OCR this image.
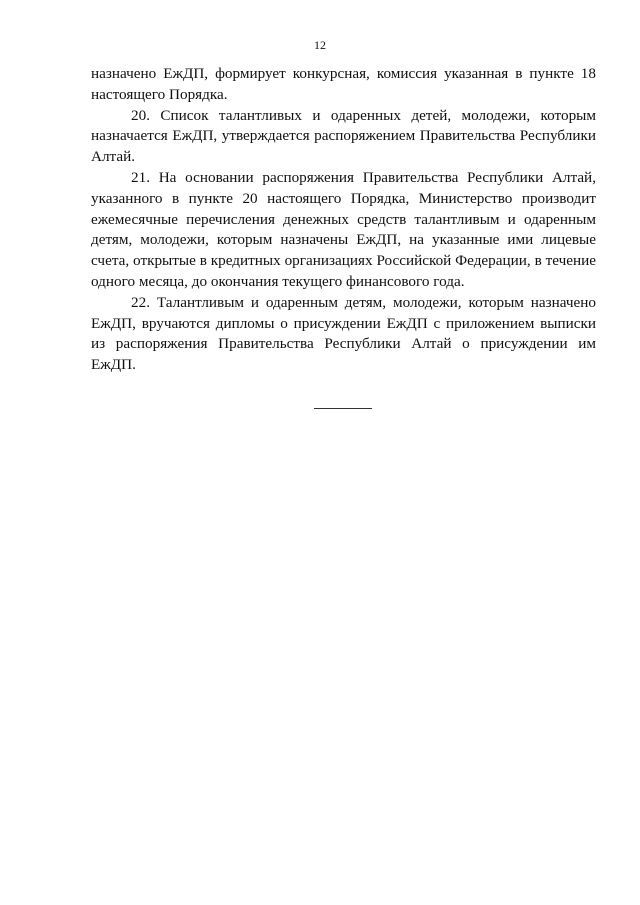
12

назначено ЕжДП, формирует конкурсная, комиссия указанная в пункте 18 настоящего Порядка.

20. Список талантливых и одаренных детей, молодежи, которым назначается ЕжДП, утверждается распоряжением Правительства Республики Алтай.

21. На основании распоряжения Правительства Республики Алтай, указанного в пункте 20 настоящего Порядка, Министерство производит ежемесячные перечисления денежных средств талантливым и одаренным детям, молодежи, которым назначены ЕжДП, на указанные ими лицевые счета, открытые в кредитных организациях Российской Федерации, в течение одного месяца, до окончания текущего финансового года.

22. Талантливым и одаренным детям, молодежи, которым назначено ЕжДП, вручаются дипломы о присуждении ЕжДП с приложением выписки из распоряжения Правительства Республики Алтай о присуждении им ЕжДП.
